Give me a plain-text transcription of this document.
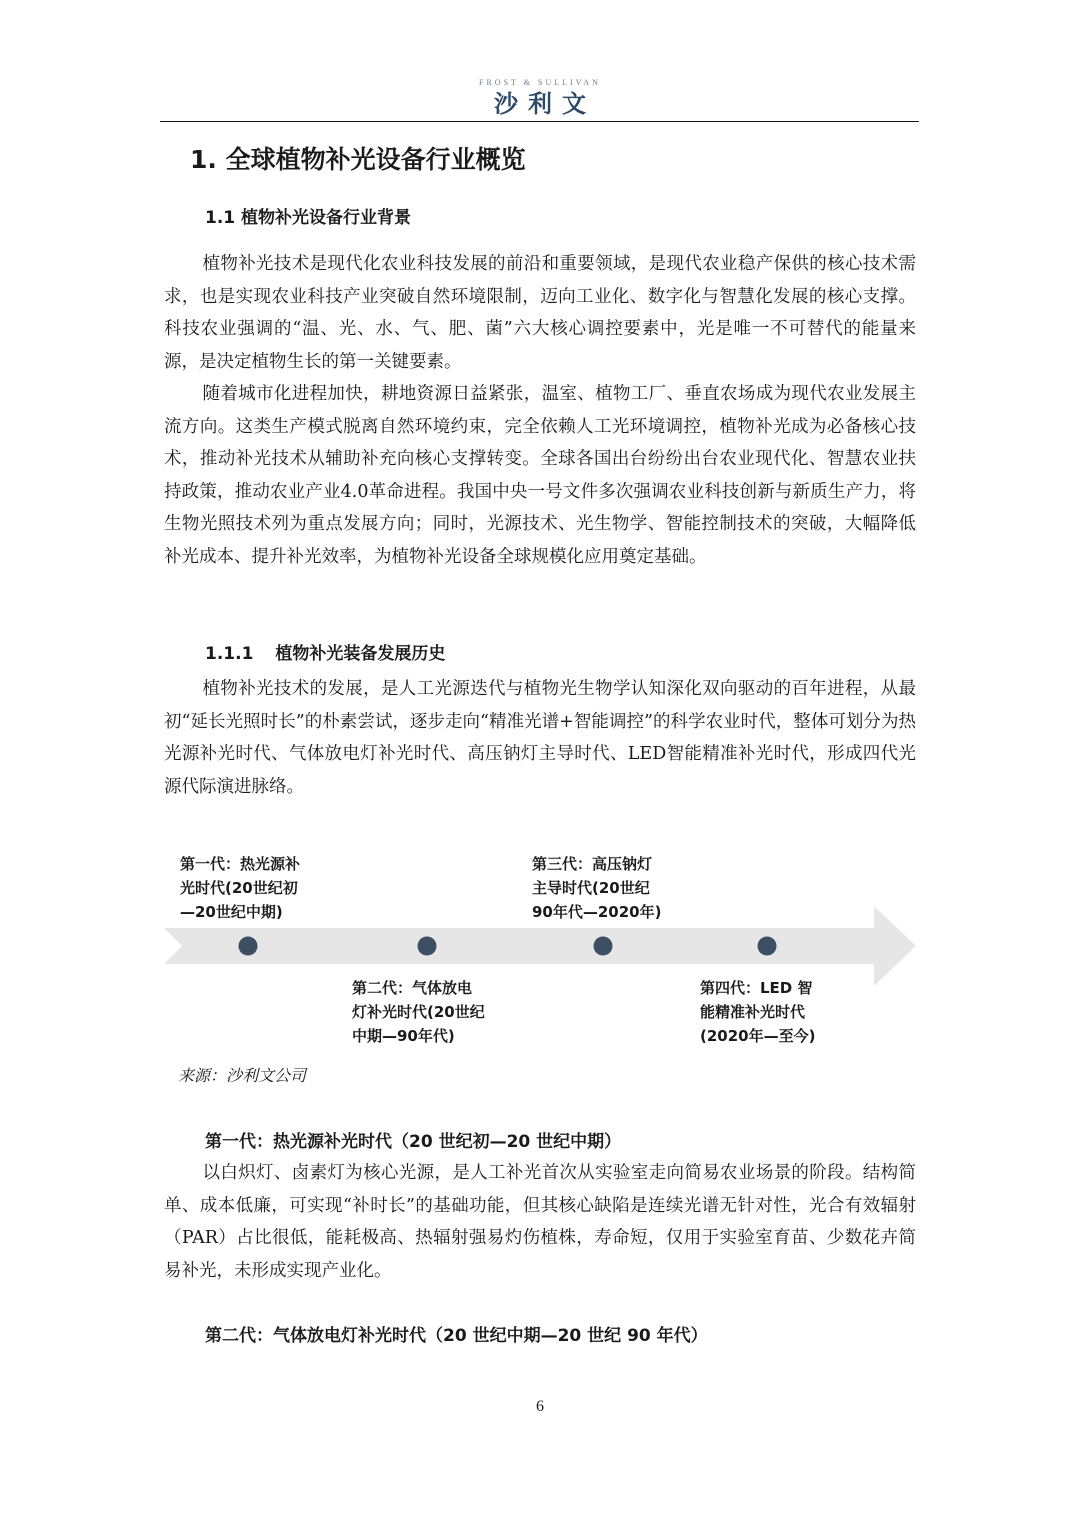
FROST & SULLIVAN
沙利文
1. 全球植物补光设备行业概览
1.1 植物补光设备行业背景

植物补光技术是现代化农业科技发展的前沿和重要领域，是现代农业稳产保供的核心技术需求，也是实现农业科技产业突破自然环境限制，迈向工业化、数字化与智慧化发展的核心支撑。科技农业强调的“温、光、水、气、肥、菌”六大核心调控要素中，光是唯一不可替代的能量来源，是决定植物生长的第一关键要素。

随着城市化进程加快，耕地资源日益紧张，温室、植物工厂、垂直农场成为现代农业发展主流方向。这类生产模式脱离自然环境约束，完全依赖人工光环境调控，植物补光成为必备核心技术，推动补光技术从辅助补充向核心支撑转变。全球各国出台纷纷出台农业现代化、智慧农业扶持政策，推动农业产业4.0革命进程。我国中央一号文件多次强调农业科技创新与新质生产力，将生物光照技术列为重点发展方向；同时，光源技术、光生物学、智能控制技术的突破，大幅降低补光成本、提升补光效率，为植物补光设备全球规模化应用奠定基础。

1.1.1 植物补光装备发展历史

植物补光技术的发展，是人工光源迭代与植物光生物学认知深化双向驱动的百年进程，从最初“延长光照时长”的朴素尝试，逐步走向“精准光谱+智能调控”的科学农业时代，整体可划分为热光源补光时代、气体放电灯补光时代、高压钠灯主导时代、LED智能精准补光时代，形成四代光源代际演进脉络。

第一代：热光源补
光时代(20世纪初
—20世纪中期)
第二代：气体放电
灯补光时代(20世纪
中期—90年代)
第三代：高压钠灯
主导时代(20世纪
90年代—2020年)
第四代：LED 智
能精准补光时代
(2020年—至今)
来源：沙利文公司
第一代：热光源补光时代（20 世纪初—20 世纪中期）

以白炽灯、卤素灯为核心光源，是人工补光首次从实验室走向简易农业场景的阶段。结构简单、成本低廉，可实现“补时长”的基础功能，但其核心缺陷是连续光谱无针对性，光合有效辐射（PAR）占比很低，能耗极高、热辐射强易灼伤植株，寿命短，仅用于实验室育苗、少数花卉简易补光，未形成实现产业化。

第二代：气体放电灯补光时代（20 世纪中期—20 世纪 90 年代）
6
